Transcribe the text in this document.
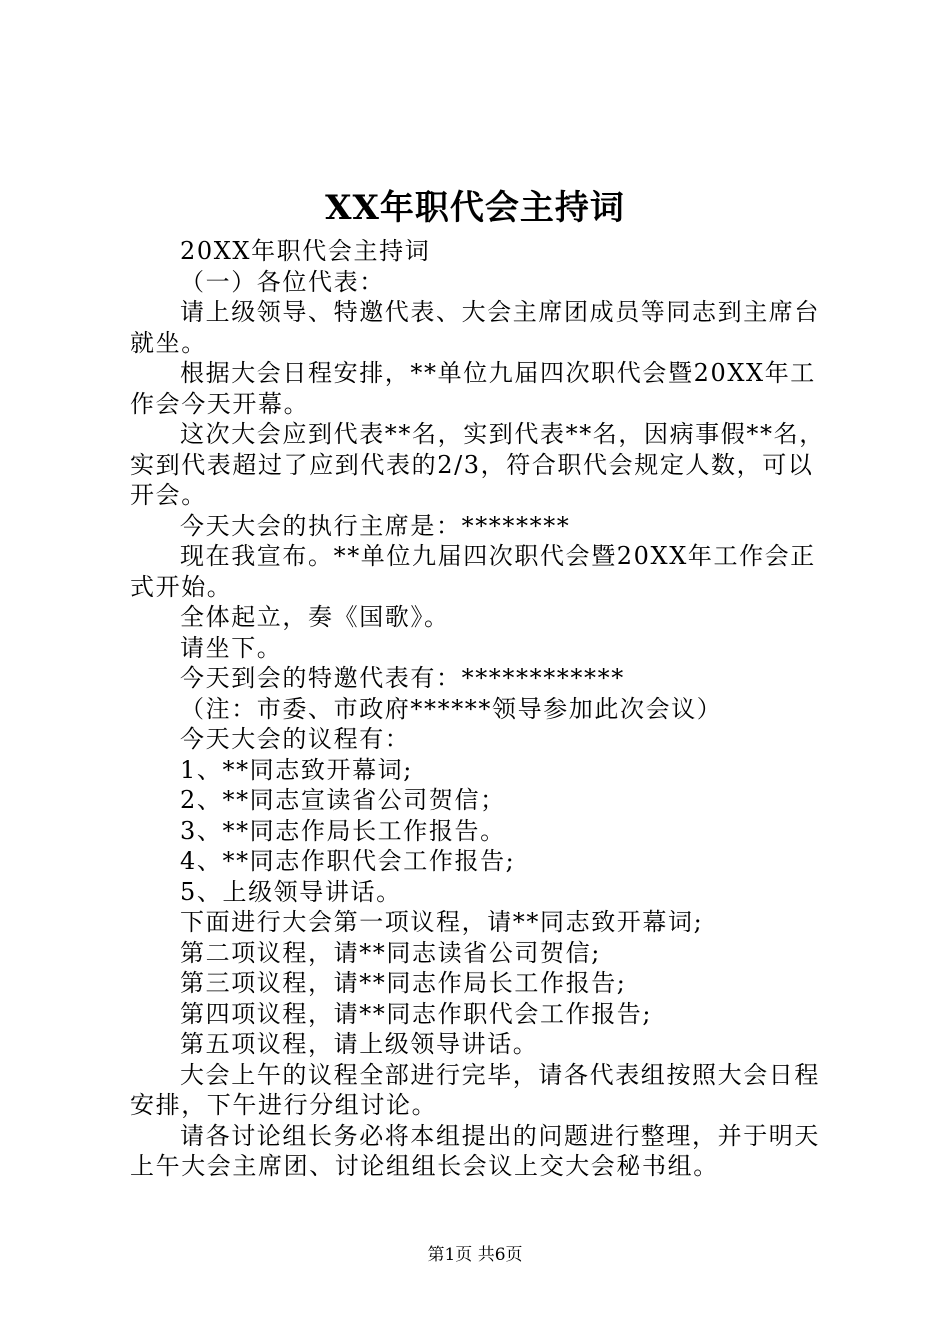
XX年职代会主持词

20XX年职代会主持词

（一）各位代表：

请上级领导、特邀代表、大会主席团成员等同志到主席台就坐。

根据大会日程安排，**单位九届四次职代会暨20XX年工作会今天开幕。

这次大会应到代表**名，实到代表**名，因病事假**名，实到代表超过了应到代表的2/3，符合职代会规定人数，可以开会。

今天大会的执行主席是：********

现在我宣布。**单位九届四次职代会暨20XX年工作会正式开始。

全体起立，奏《国歌》。

请坐下。

今天到会的特邀代表有：************

（注：市委、市政府******领导参加此次会议）

今天大会的议程有：

1、**同志致开幕词;

2、**同志宣读省公司贺信；

3、**同志作局长工作报告。

4、**同志作职代会工作报告;

5、上级领导讲话。

下面进行大会第一项议程，请**同志致开幕词;

第二项议程，请**同志读省公司贺信;

第三项议程，请**同志作局长工作报告;

第四项议程，请**同志作职代会工作报告;

第五项议程，请上级领导讲话。

大会上午的议程全部进行完毕，请各代表组按照大会日程安排，下午进行分组讨论。

请各讨论组长务必将本组提出的问题进行整理，并于明天上午大会主席团、讨论组组长会议上交大会秘书组。

第1页 共6页
